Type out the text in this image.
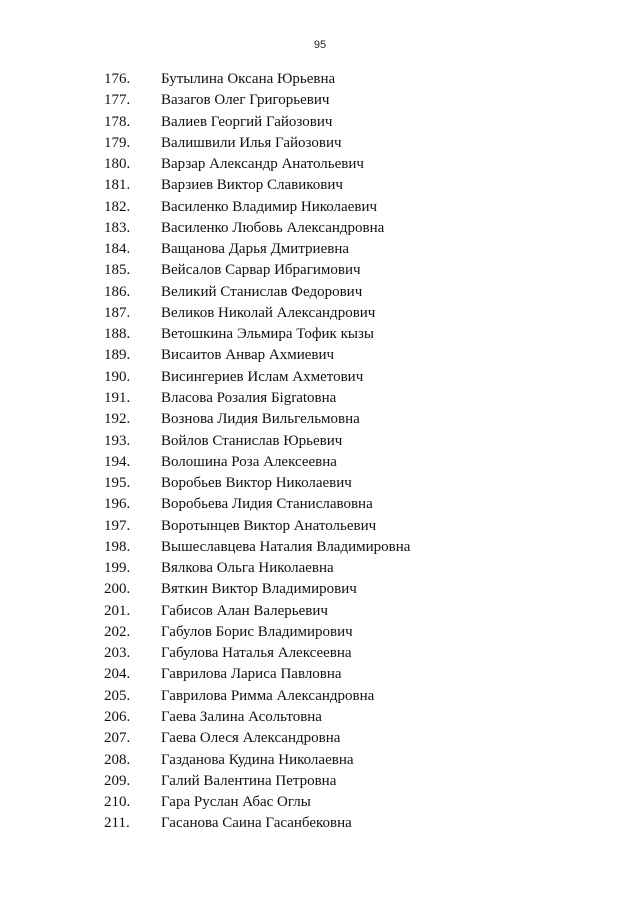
95
176. Бутылина Оксана Юрьевна
177. Вазагов Олег Григорьевич
178. Валиев Георгий Гайозович
179. Валишвили Илья Гайозович
180. Варзар Александр Анатольевич
181. Варзиев Виктор Славикович
182. Василенко Владимир Николаевич
183. Василенко Любовь Александровна
184. Ващанова Дарья Дмитриевна
185. Вейсалов Сарвар Ибрагимович
186. Великий Станислав Федорович
187. Великов Николай Александрович
188. Ветошкина Эльмира Тофик кызы
189. Висаитов Анвар Ахмиевич
190. Висингериев Ислам Ахметович
191. Власова Розалия Бigratовна
192. Вознова Лидия Вильгельмовна
193. Войлов Станислав Юрьевич
194. Волошина Роза Алексеевна
195. Воробьев Виктор Николаевич
196. Воробьева Лидия Станиславовна
197. Воротынцев Виктор Анатольевич
198. Вышеславцева Наталия Владимировна
199. Вялкова Ольга Николаевна
200. Вяткин Виктор Владимирович
201. Габисов Алан Валерьевич
202. Габулов Борис Владимирович
203. Габулова Наталья Алексеевна
204. Гаврилова Лариса Павловна
205. Гаврилова Римма Александровна
206. Гаева Залина Асольтовна
207. Гаева Олеся Александровна
208. Газданова Кудина Николаевна
209. Галий Валентина Петровна
210. Гара Руслан Абас Оглы
211. Гасанова Саина Гасанбековна
